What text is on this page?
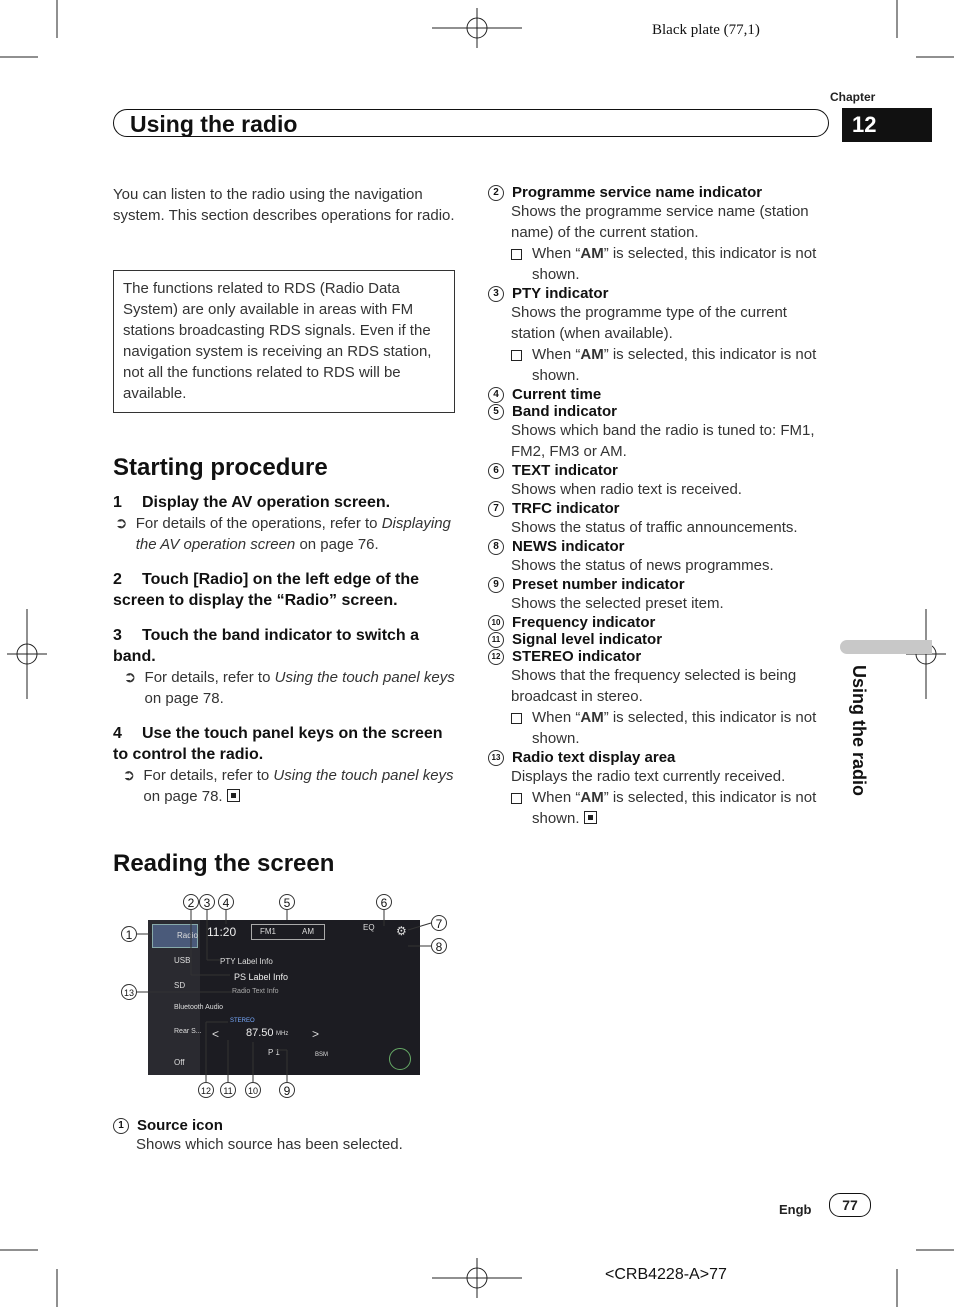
Black plate (77,1)
Chapter
12
Using the radio
Using the radio
You can listen to the radio using the navigation system. This section describes operations for radio.
The functions related to RDS (Radio Data System) are only available in areas with FM stations broadcasting RDS signals. Even if the navigation system is receiving an RDS station, not all the functions related to RDS will be available.
Starting procedure
1	Display the AV operation screen.
➲ For details of the operations, refer to Displaying the AV operation screen on page 76.
2 Touch [Radio] on the left edge of the screen to display the “Radio” screen.
3 Touch the band indicator to switch a band.
➲ For details, refer to Using the touch panel keys on page 78.
4 Use the touch panel keys on the screen to control the radio.
➲ For details, refer to Using the touch panel keys on page 78.
Reading the screen
Radio
USB
SD
Bluetooth Audio
Rear S...
Off
11:20	FM1	AM	EQ ⚙
PTY Label Info
PS Label Info
Radio Text Info
STEREO
< 87.50 MHz >
P 1	BSM
1
2 3	4	5	6
7
8
9
10
11
12
13
1 Source icon
Shows which source has been selected.
2 Programme service name indicator
Shows the programme service name (station name) of the current station.
When “AM” is selected, this indicator is not shown.
3 PTY indicator
Shows the programme type of the current station (when available).
When “AM” is selected, this indicator is not shown.
4 Current time
5 Band indicator
Shows which band the radio is tuned to: FM1, FM2, FM3 or AM.
6 TEXT indicator
Shows when radio text is received.
7 TRFC indicator
Shows the status of traffic announcements.
8 NEWS indicator
Shows the status of news programmes.
9 Preset number indicator
Shows the selected preset item.
10 Frequency indicator
11 Signal level indicator
12 STEREO indicator
Shows that the frequency selected is being broadcast in stereo.
When “AM” is selected, this indicator is not shown.
13 Radio text display area
Displays the radio text currently received.
When “AM” is selected, this indicator is not shown.
Engb	77
<CRB4228-A>77
